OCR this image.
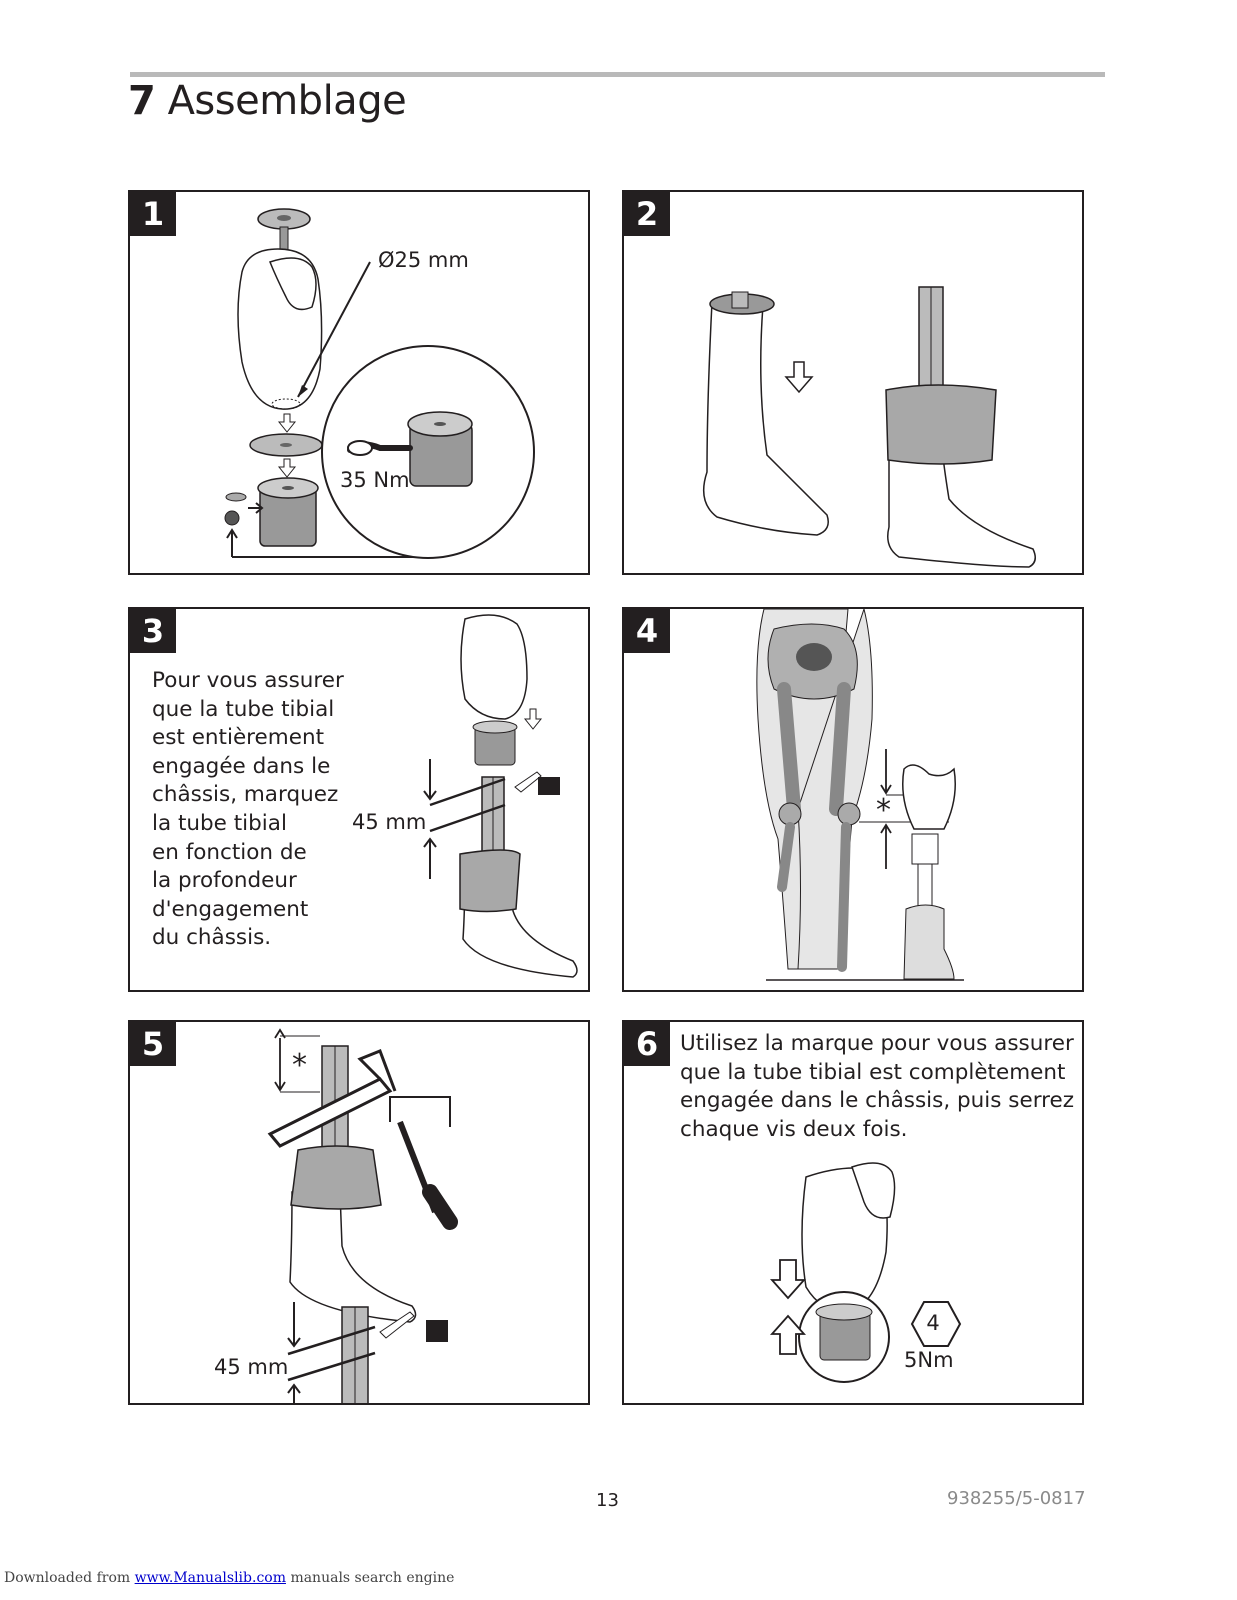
7 Assemblage
1
Ø25 mm
35 Nm
2
3
Pour vous assurer
que la tube tibial
est entièrement
engagée dans le
châssis, marquez
la tube tibial
en fonction de
la profondeur
d'engagement
du châssis.
45 mm
4
*
5
*
45 mm
6	Utilisez la marque pour vous assurer
que la tube tibial est complètement
engagée dans le châssis, puis serrez
chaque vis deux fois.
4
5Nm
13	938255/5-0817
Downloaded from www.Manualslib.com manuals search engine
